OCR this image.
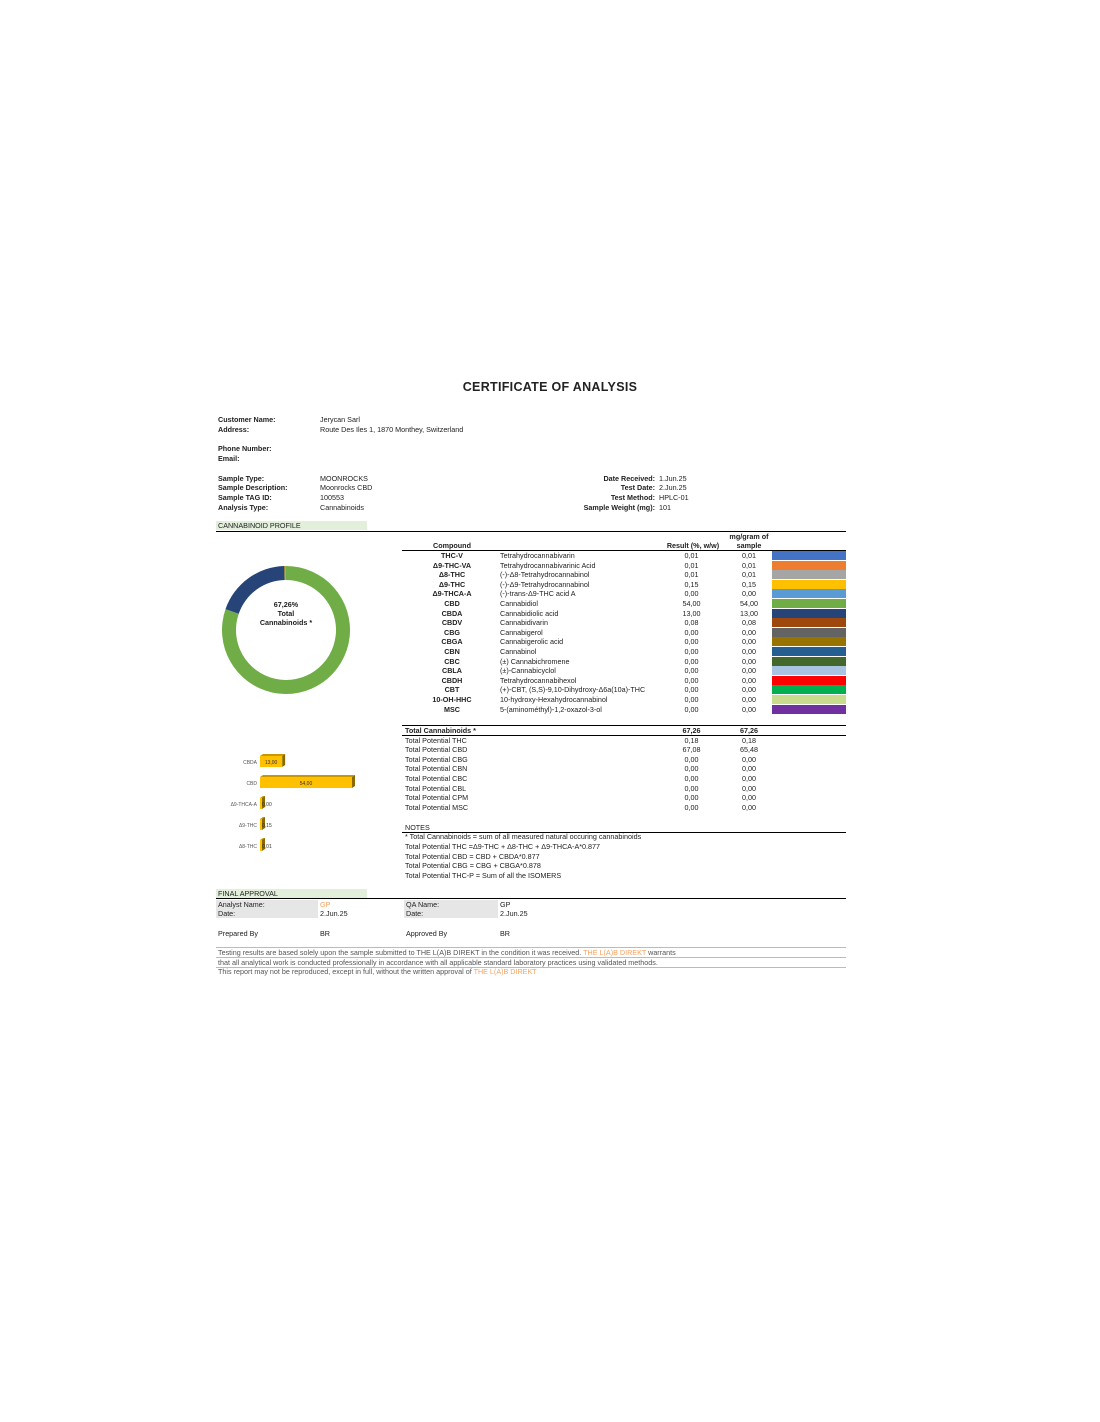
CERTIFICATE OF ANALYSIS
Customer Name:	Jerycan Sarl
Address:	Route Des Iles 1, 1870 Monthey, Switzerland
Phone Number:
Email:
Sample Type:	MOONROCKS
Sample Description:	Moonrocks CBD
Sample TAG ID:	100553
Analysis Type:	Cannabinoids
Date Received: 1.Jun.25
Test Date: 2.Jun.25
Test Method: HPLC-01
Sample Weight (mg): 101
CANNABINOID PROFILE
67,26%
Total
Cannabinoids *
Compound	Result (%, w/w)
mg/gram of
sample
THC-V	Tetrahydrocannabivarin	0,01	0,01
Δ9-THC-VA	Tetrahydrocannabivarinic Acid	0,01	0,01
Δ8-THC	(-)-Δ8-Tetrahydrocannabinol	0,01	0,01
Δ9-THC	(-)-Δ9-Tetrahydrocannabinol	0,15	0,15
Δ9-THCA-A	(-)-trans-Δ9-THC acid A	0,00	0,00
CBD	Cannabidiol	54,00	54,00
CBDA	Cannabidiolic acid	13,00	13,00
CBDV	Cannabidivarin	0,08	0,08
CBG	Cannabigerol	0,00	0,00
CBGA	Cannabigerolic acid	0,00	0,00
CBN	Cannabinol	0,00	0,00
CBC	(±) Cannabichromene	0,00	0,00
CBLA	(±)-Cannabicyclol	0,00	0,00
CBDH	Tetrahydrocannabihexol	0,00	0,00
CBT	(+)-CBT, (S,S)-9,10-Dihydroxy-Δ6a(10a)-THC	0,00	0,00
10-OH-HHC	10-hydroxy-Hexahydrocannabinol	0,00	0,00
MSC	5-(aminométhyl)-1,2-oxazol-3-ol	0,00	0,00
Total Cannabinoids *	67,26	67,26
Total Potential THC	0,18	0,18
Total Potential CBD	67,08	65,48
Total Potential CBG	0,00	0,00
Total Potential CBN	0,00	0,00
Total Potential CBC	0,00	0,00
Total Potential CBL	0,00	0,00
Total Potential CPM	0,00	0,00
Total Potential MSC	0,00	0,00
CBDA 13,00
CBD	54,00
Δ9-THCA-A 0,00
Δ9-THC 0,15
Δ8-THC 0,01
NOTES
* Total Cannabinoids = sum of all measured natural occuring cannabinoids
Total Potential THC =Δ9-THC + Δ8-THC + Δ9-THCA-A*0.877
Total Potential CBD = CBD + CBDA*0.877
Total Potential CBG = CBG + CBGA*0.878
Total Potential THC-P = Sum of all the ISOMERS
FINAL APPROVAL
Analyst Name:	GP
Date:	2.Jun.25
QA Name:	GP
Date:	2.Jun.25
Prepared By	BR	Approved By	BR
Testing results are based solely upon the sample submitted to THE L(A)B DIREKT in the condition it was received. THE L(A)B DIREKT warrants
that all analytical work is conducted professionally in accordance with all applicable standard laboratory practices using validated methods.
This report may not be reproduced, except in full, without the written approval of THE L(A)B DIREKT
